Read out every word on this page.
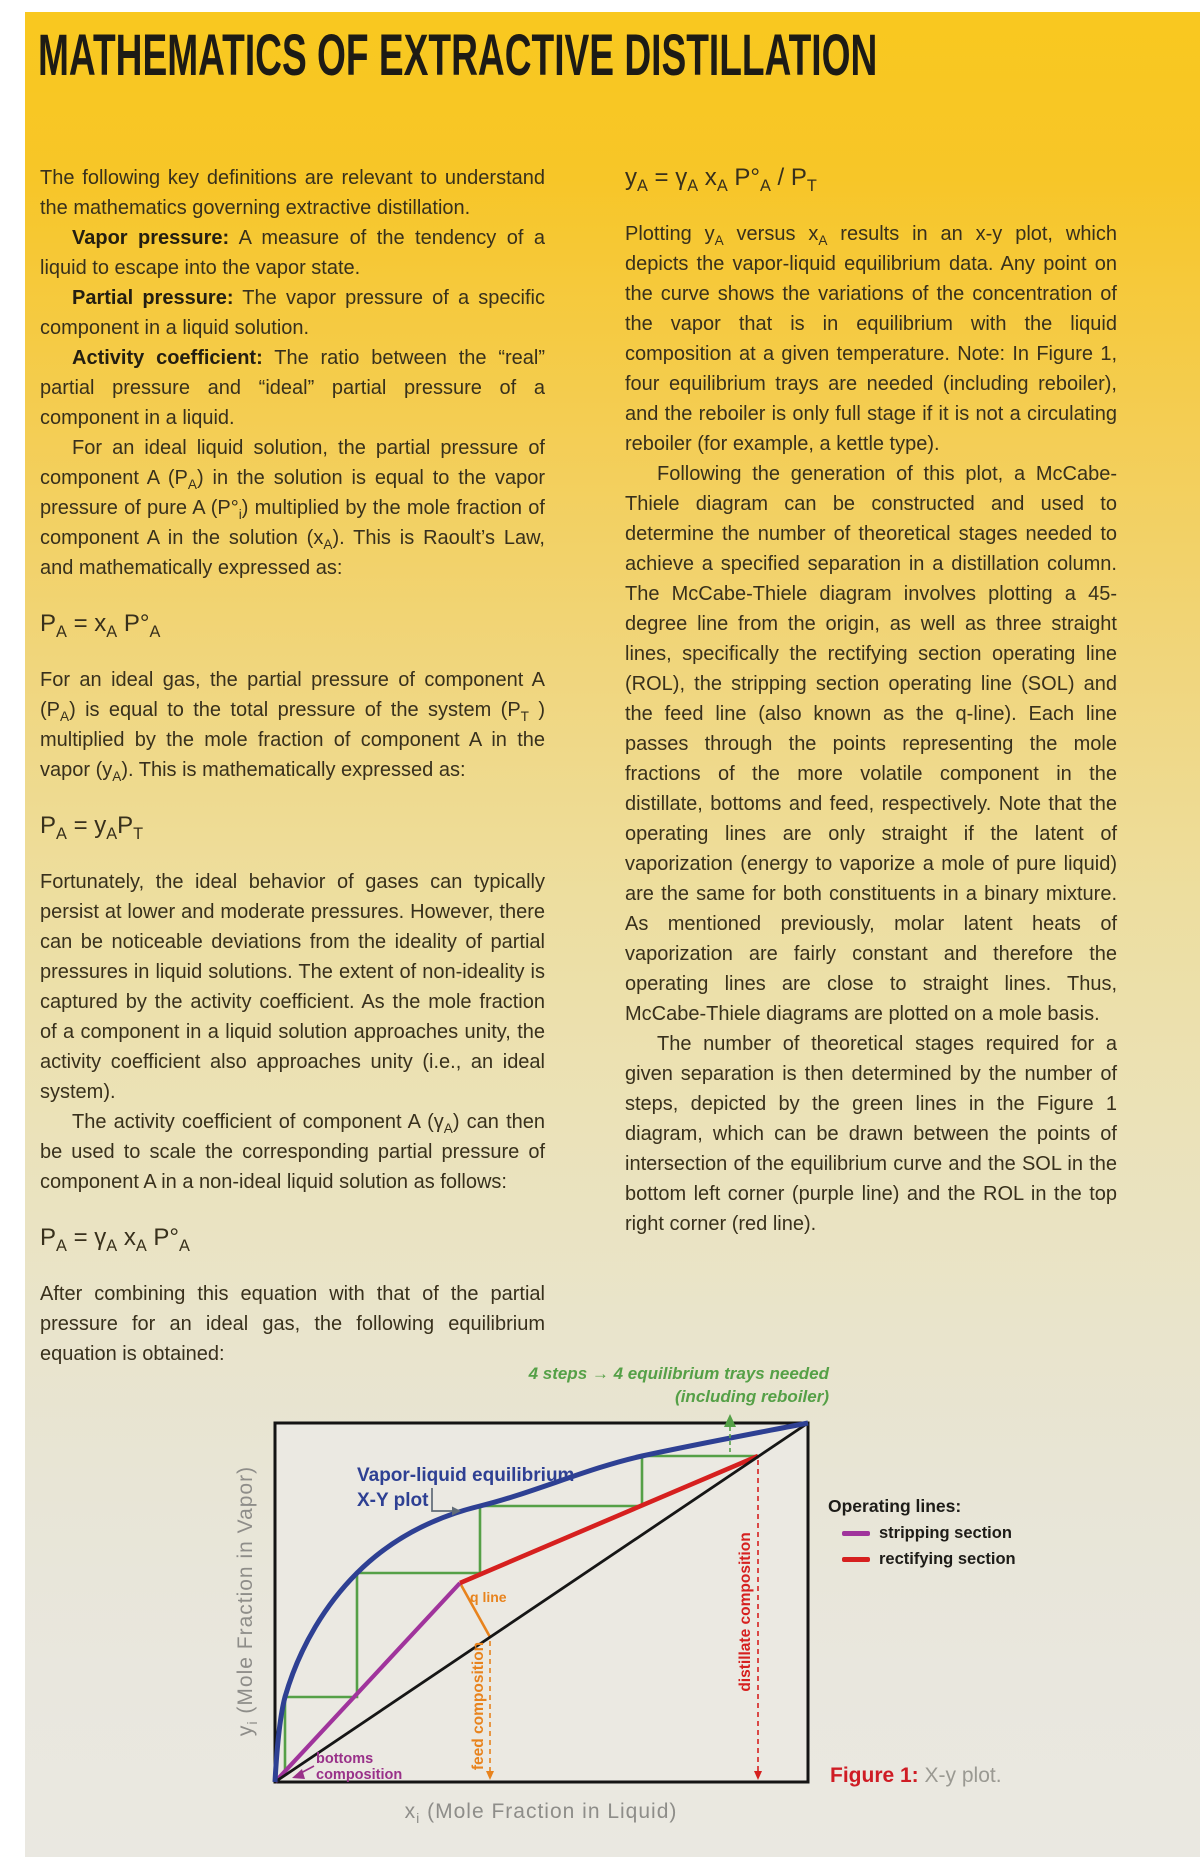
MATHEMATICS OF EXTRACTIVE DISTILLATION

The following key definitions are relevant to understand the mathematics governing extractive distillation.

Vapor pressure: A measure of the tendency of a liquid to escape into the vapor state.

Partial pressure: The vapor pressure of a specific component in a liquid solution.

Activity coefficient: The ratio between the “real” partial pressure and “ideal” partial pressure of a component in a liquid.

For an ideal liquid solution, the partial pressure of component A $(P_A)$ in the solution is equal to the vapor pressure of pure A $(P^\circ_i)$ multiplied by the mole fraction of component A in the solution $(x_A)$. This is Raoult’s Law, and mathematically expressed as:

$P_A = x_A$ $P^\circ_A$

For an ideal gas, the partial pressure of component A $(P_A)$ is equal to the total pressure of the system ($P_T$ ) multiplied by the mole fraction of component A in the vapor $(y_A)$. This is mathematically expressed as:

$P_A = y_AP_T$

Fortunately, the ideal behavior of gases can typically persist at lower and moderate pressures. However, there can be noticeable deviations from the ideality of partial pressures in liquid solutions. The extent of non-ideality is captured by the activity coefficient. As the mole fraction of a component in a liquid solution approaches unity, the activity coefficient also approaches unity (i.e., an ideal system).

The activity coefficient of component A $(\gamma_A)$ can then be used to scale the corresponding partial pressure of component A in a non-ideal liquid solution as follows:

$P_A = \gamma_A$ $x_A$ $P^\circ_A$

After combining this equation with that of the partial pressure for an ideal gas, the following equilibrium equation is obtained:

$y_A = \gamma_A$ $x_A$ $P^\circ_A / P_T$

Plotting $y_A$ versus $x_A$ results in an x-y plot, which depicts the vapor-liquid equilibrium data. Any point on the curve shows the variations of the concentration of the vapor that is in equilibrium with the liquid composition at a given temperature. Note: In Figure 1, four equilibrium trays are needed (including reboiler), and the reboiler is only full stage if it is not a circulating reboiler (for example, a kettle type).

Following the generation of this plot, a McCabe-Thiele diagram can be constructed and used to determine the number of theoretical stages needed to achieve a specified separation in a distillation column. The McCabe-Thiele diagram involves plotting a 45-degree line from the origin, as well as three straight lines, specifically the rectifying section operating line (ROL), the stripping section operating line (SOL) and the feed line (also known as the q-line). Each line passes through the points representing the mole fractions of the more volatile component in the distillate, bottoms and feed, respectively. Note that the operating lines are only straight if the latent of vaporization (energy to vaporize a mole of pure liquid) are the same for both constituents in a binary mixture. As mentioned previously, molar latent heats of vaporization are fairly constant and therefore the operating lines are close to straight lines. Thus, McCabe-Thiele diagrams are plotted on a mole basis.

The number of theoretical stages required for a given separation is then determined by the number of steps, depicted by the green lines in the Figure 1 diagram, which can be drawn between the points of intersection of the equilibrium curve and the SOL in the bottom left corner (purple line) and the ROL in the top right corner (red line).

4 steps → 4 equilibrium trays needed
(including reboiler)
Vapor-liquid equilibrium
X-Y plot
q line
bottoms
composition
feed composition
distillate composition
$y_i$ (Mole Fraction in Vapor)
$x_i$ (Mole Fraction in Liquid)

Operating lines:

stripping section
rectifying section
Figure 1: X-y plot.
